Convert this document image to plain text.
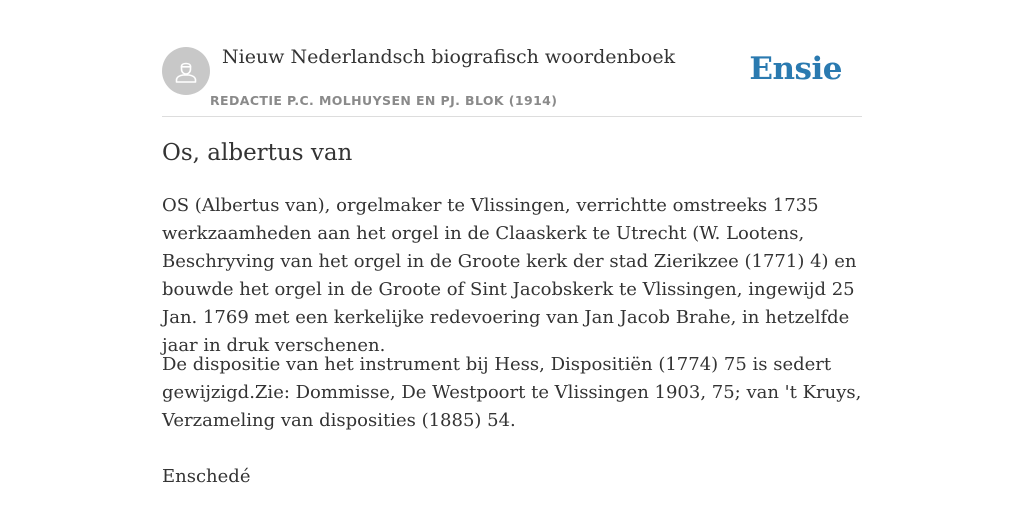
Nieuw Nederlandsch biografisch woordenboek
REDACTIE P.C. MOLHUYSEN EN PJ. BLOK (1914)
Ensie
Os, albertus van

OS (Albertus van), orgelmaker te Vlissingen, verrichtte omstreeks 1735 werkzaamheden aan het orgel in de Claaskerk te Utrecht (W. Lootens, Beschryving van het orgel in de Groote kerk der stad Zierikzee (1771) 4) en bouwde het orgel in de Groote of Sint Jacobskerk te Vlissingen, ingewijd 25 Jan. 1769 met een kerkelijke redevoering van Jan Jacob Brahe, in hetzelfde jaar in druk verschenen.

De dispositie van het instrument bij Hess, Dispositiën (1774) 75 is sedert gewijzigd.Zie: Dommisse, De Westpoort te Vlissingen 1903, 75; van 't Kruys, Verzameling van disposities (1885) 54.

Enschedé
